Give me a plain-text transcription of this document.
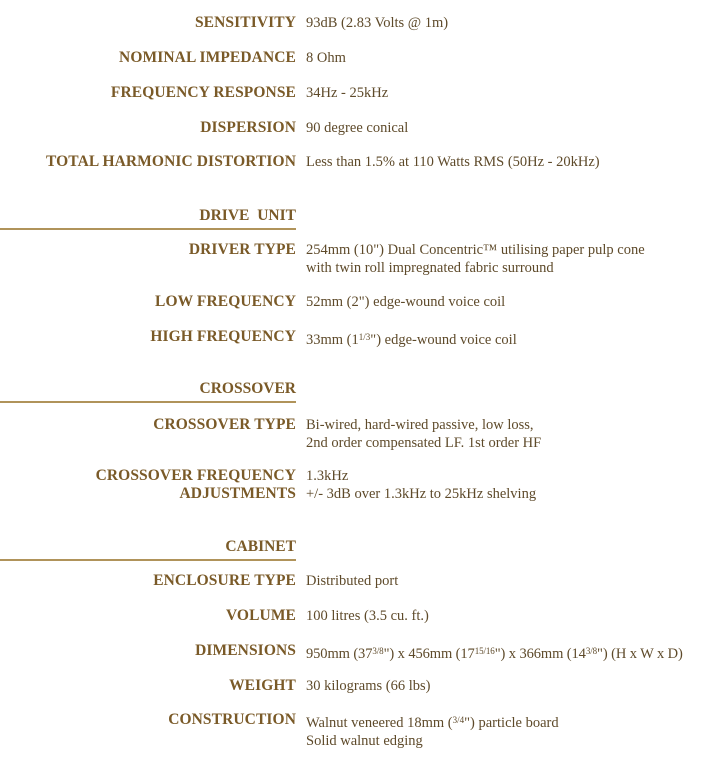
SENSITIVITY 93dB (2.83 Volts @ 1m)
NOMINAL IMPEDANCE 8 Ohm
FREQUENCY RESPONSE 34Hz - 25kHz
DISPERSION 90 degree conical
TOTAL HARMONIC DISTORTION Less than 1.5% at 110 Watts RMS (50Hz - 20kHz)
DRIVE UNIT
DRIVER TYPE 254mm (10") Dual Concentric™ utilising paper pulp cone
with twin roll impregnated fabric surround
LOW FREQUENCY 52mm (2") edge-wound voice coil
HIGH FREQUENCY 33mm $(1^{1/3}")$ edge-wound voice coil
CROSSOVER
CROSSOVER TYPE Bi-wired, hard-wired passive, low loss,
2nd order compensated LF. 1st order HF
CROSSOVER FREQUENCY 1.3kHz
ADJUSTMENTS +/- 3dB over 1.3kHz to 25kHz shelving
CABINET
ENCLOSURE TYPE Distributed port
VOLUME 100 litres (3.5 cu. ft.)
DIMENSIONS 950mm $(37^{3/8}")$ x 456mm $(17^{15/16}")$ x 366mm $(14^{3/8}")$ (H x W x D)
WEIGHT 30 kilograms (66 lbs)
CONSTRUCTION Walnut veneered 18mm ($^{3/4}$") particle board
Solid walnut edging
